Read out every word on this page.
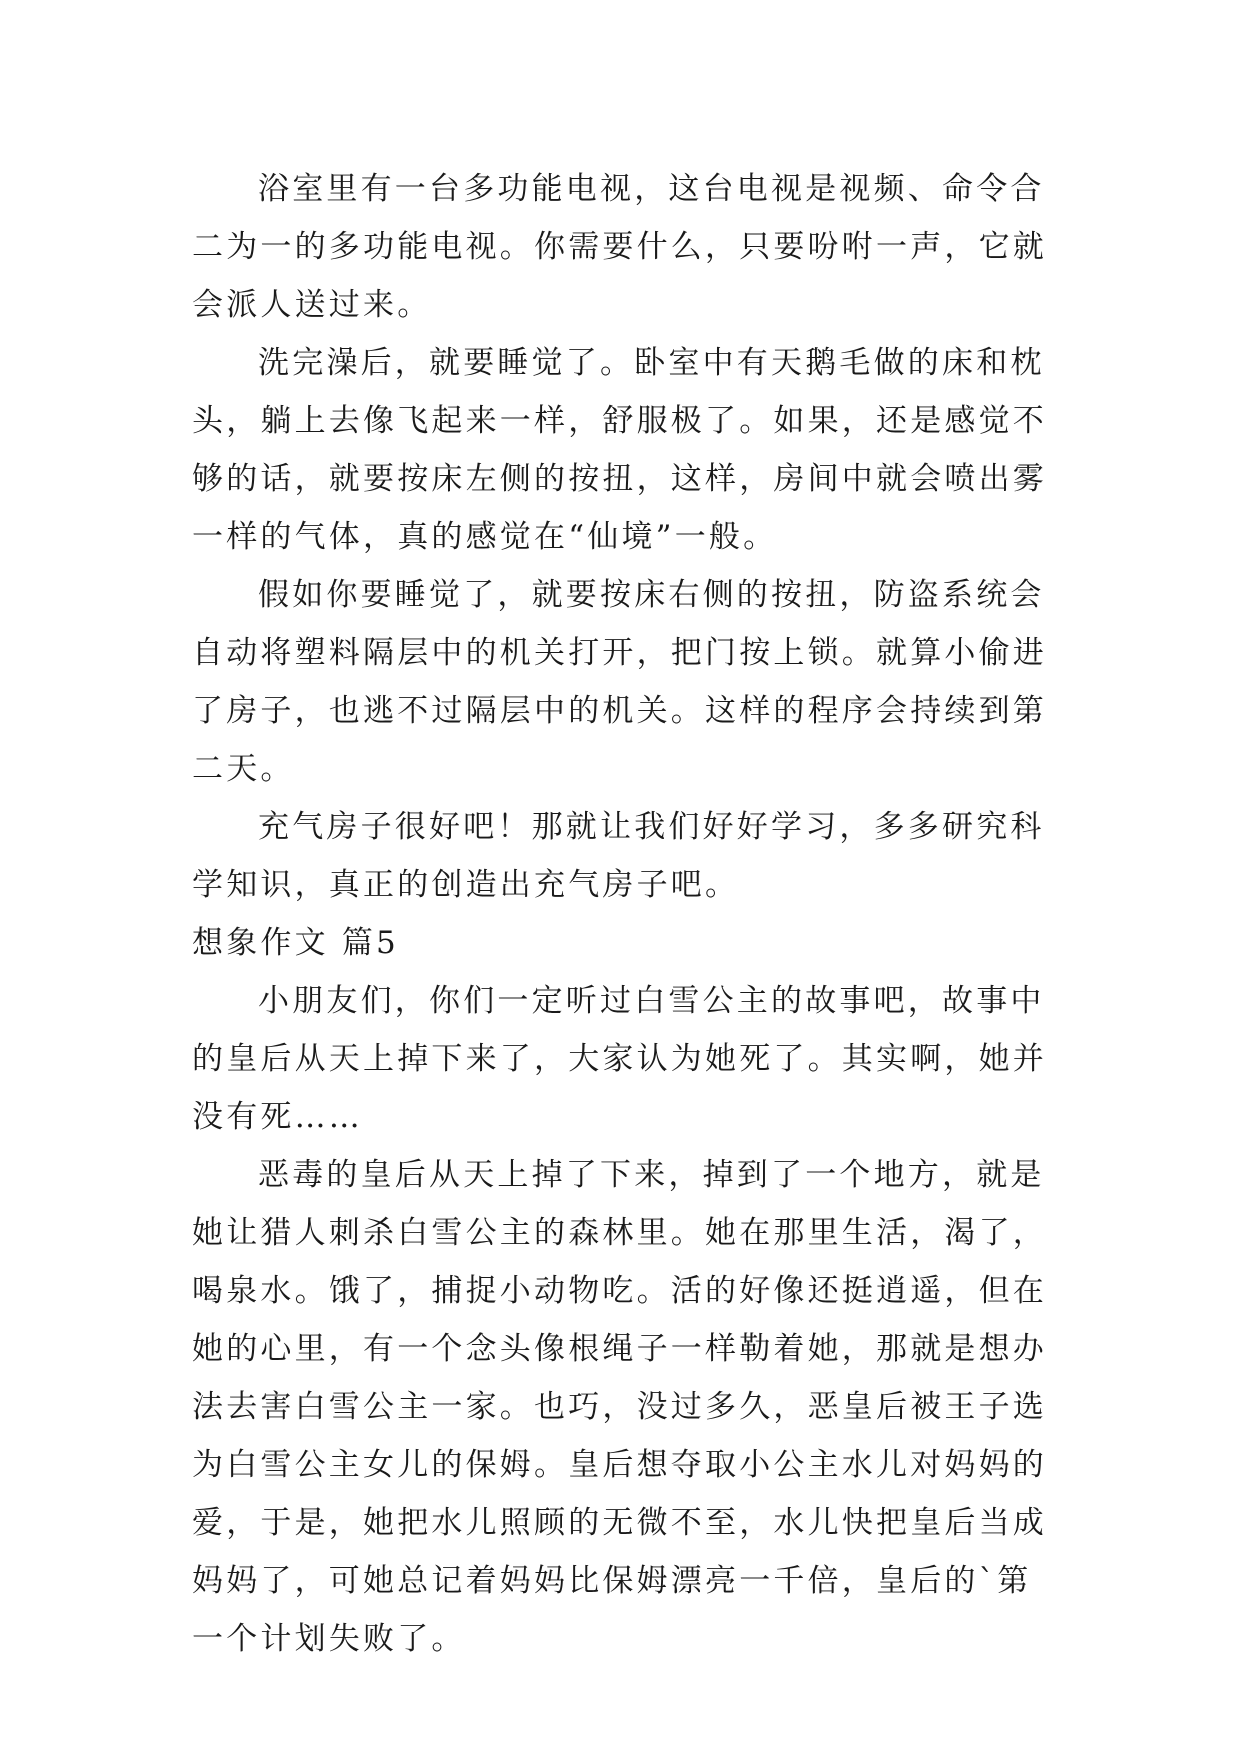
浴室里有一台多功能电视，这台电视是视频、命令合二为一的多功能电视。你需要什么，只要吩咐一声，它就会派人送过来。

洗完澡后，就要睡觉了。卧室中有天鹅毛做的床和枕头，躺上去像飞起来一样，舒服极了。如果，还是感觉不够的话，就要按床左侧的按扭，这样，房间中就会喷出雾一样的气体，真的感觉在“仙境”一般。

假如你要睡觉了，就要按床右侧的按扭，防盗系统会自动将塑料隔层中的机关打开，把门按上锁。就算小偷进了房子，也逃不过隔层中的机关。这样的程序会持续到第二天。

充气房子很好吧！那就让我们好好学习，多多研究科学知识，真正的创造出充气房子吧。

想象作文 篇5

小朋友们，你们一定听过白雪公主的故事吧，故事中的皇后从天上掉下来了，大家认为她死了。其实啊，她并没有死……

恶毒的皇后从天上掉了下来，掉到了一个地方，就是她让猎人刺杀白雪公主的森林里。她在那里生活，渴了，喝泉水。饿了，捕捉小动物吃。活的好像还挺逍遥，但在她的心里，有一个念头像根绳子一样勒着她，那就是想办法去害白雪公主一家。也巧，没过多久，恶皇后被王子选为白雪公主女儿的保姆。皇后想夺取小公主水儿对妈妈的爱，于是，她把水儿照顾的无微不至，水儿快把皇后当成妈妈了，可她总记着妈妈比保姆漂亮一千倍，皇后的`第一个计划失败了。
